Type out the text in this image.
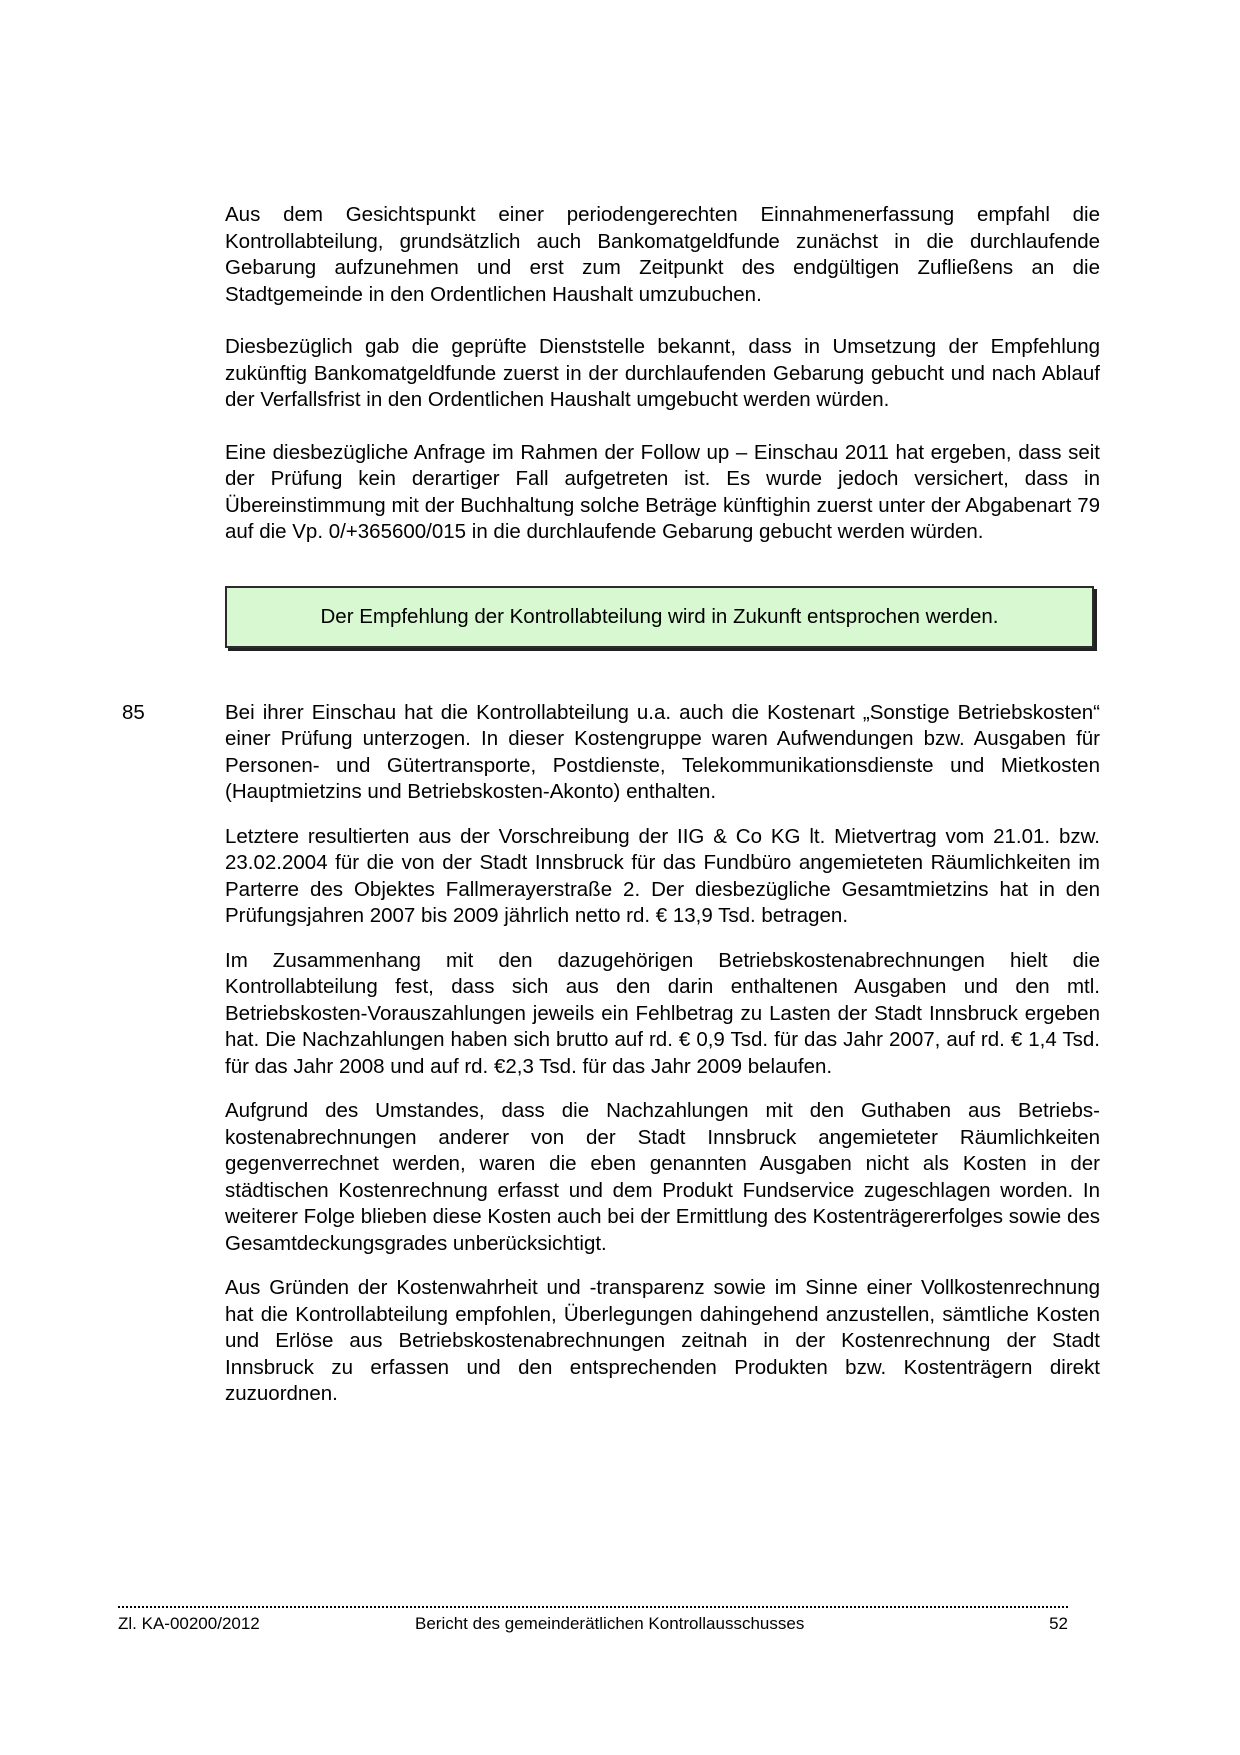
Aus dem Gesichtspunkt einer periodengerechten Einnahmenerfassung empfahl die Kontrollabteilung, grundsätzlich auch Bankomatgeldfunde zunächst in die durchlaufende Gebarung aufzunehmen und erst zum Zeitpunkt des endgültigen Zufließens an die Stadtgemeinde in den Ordentlichen Haushalt umzubuchen.

Diesbezüglich gab die geprüfte Dienststelle bekannt, dass in Umsetzung der Empfehlung zukünftig Bankomatgeldfunde zuerst in der durchlaufenden Gebarung gebucht und nach Ablauf der Verfallsfrist in den Ordentlichen Haushalt umgebucht werden würden.

Eine diesbezügliche Anfrage im Rahmen der Follow up – Einschau 2011 hat ergeben, dass seit der Prüfung kein derartiger Fall aufgetreten ist. Es wurde jedoch versichert, dass in Übereinstimmung mit der Buchhaltung solche Beträge künftighin zuerst unter der Abgabenart 79 auf die Vp. 0/+365600/015 in die durchlaufende Gebarung gebucht werden würden.

Der Empfehlung der Kontrollabteilung wird in Zukunft entsprochen werden.
85	Bei ihrer Einschau hat die Kontrollabteilung u.a. auch die Kostenart „Sonstige Betriebskosten“ einer Prüfung unterzogen. In dieser Kostengruppe waren Aufwendungen bzw. Ausgaben für Personen- und Gütertransporte, Postdienste, Telekommunikationsdienste und Mietkosten (Hauptmietzins und Betriebskosten-Akonto) enthalten.

Letztere resultierten aus der Vorschreibung der IIG & Co KG lt. Mietvertrag vom 21.01. bzw. 23.02.2004 für die von der Stadt Innsbruck für das Fundbüro angemieteten Räumlichkeiten im Parterre des Objektes Fallmerayerstraße 2. Der diesbezügliche Gesamtmietzins hat in den Prüfungsjahren 2007 bis 2009 jährlich netto rd. € 13,9 Tsd. betragen.

Im Zusammenhang mit den dazugehörigen Betriebskostenabrechnungen hielt die Kontrollabteilung fest, dass sich aus den darin enthaltenen Ausgaben und den mtl. Betriebskosten-Vorauszahlungen jeweils ein Fehlbetrag zu Lasten der Stadt Innsbruck ergeben hat. Die Nachzahlungen haben sich brutto auf rd. € 0,9 Tsd. für das Jahr 2007, auf rd. € 1,4 Tsd. für das Jahr 2008 und auf rd. €2,3 Tsd. für das Jahr 2009 belaufen.

Aufgrund des Umstandes, dass die Nachzahlungen mit den Guthaben aus Betriebskostenabrechnungen anderer von der Stadt Innsbruck angemieteter Räumlichkeiten gegenverrechnet werden, waren die eben genannten Ausgaben nicht als Kosten in der städtischen Kostenrechnung erfasst und dem Produkt Fundservice zugeschlagen worden. In weiterer Folge blieben diese Kosten auch bei der Ermittlung des Kostenträgererfolges sowie des Gesamtdeckungsgrades unberücksichtigt.

Aus Gründen der Kostenwahrheit und -transparenz sowie im Sinne einer Vollkostenrechnung hat die Kontrollabteilung empfohlen, Überlegungen dahingehend anzustellen, sämtliche Kosten und Erlöse aus Betriebskostenabrechnungen zeitnah in der Kostenrechnung der Stadt Innsbruck zu erfassen und den entsprechenden Produkten bzw. Kostenträgern direkt zuzuordnen.

Zl. KA-00200/2012	Bericht des gemeinderätlichen Kontrollausschusses	52
